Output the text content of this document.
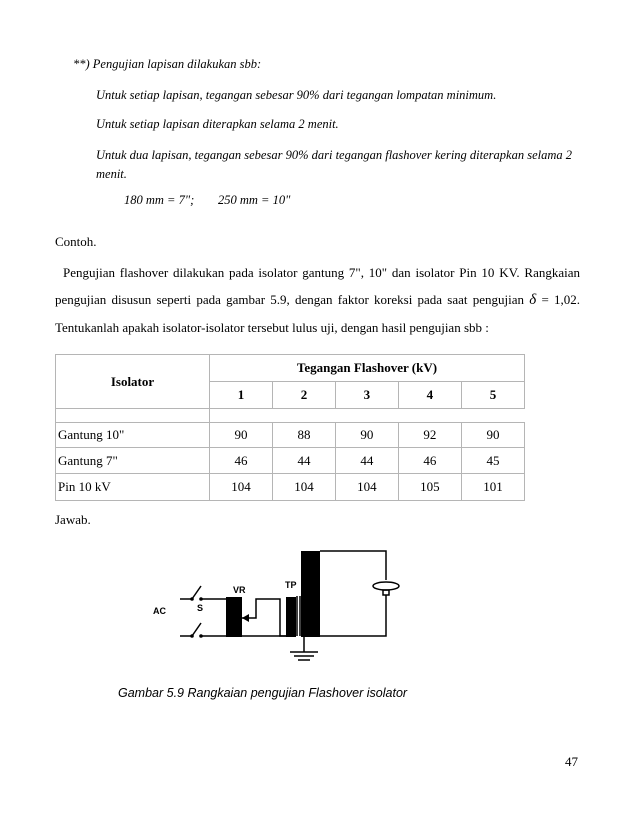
**) Pengujian lapisan dilakukan sbb:
Untuk setiap lapisan, tegangan sebesar 90% dari tegangan lompatan minimum.
Untuk setiap lapisan diterapkan selama 2 menit.
Untuk dua lapisan, tegangan sebesar 90% dari tegangan flashover kering diterapkan selama 2
menit.
180 mm = 7"; 250 mm = 10"
Contoh.
Pengujian flashover dilakukan pada isolator gantung 7", 10" dan isolator Pin 10 KV. Rangkaian
pengujian disusun seperti pada gambar 5.9, dengan faktor koreksi pada saat pengujian δ = 1,02.
Tentukanlah apakah isolator-isolator tersebut lulus uji, dengan hasil pengujian sbb :
Isolator	Tegangan Flashover (kV)				
	1	2	3	4	5

Gantung 10"	90	88	90	92	90
Gantung 7"	46	44	44	46	45
Pin 10 kV	104	104	104	105	101
Jawab.
AC	S
VR	TP
Gambar 5.9 Rangkaian pengujian Flashover isolator
47
